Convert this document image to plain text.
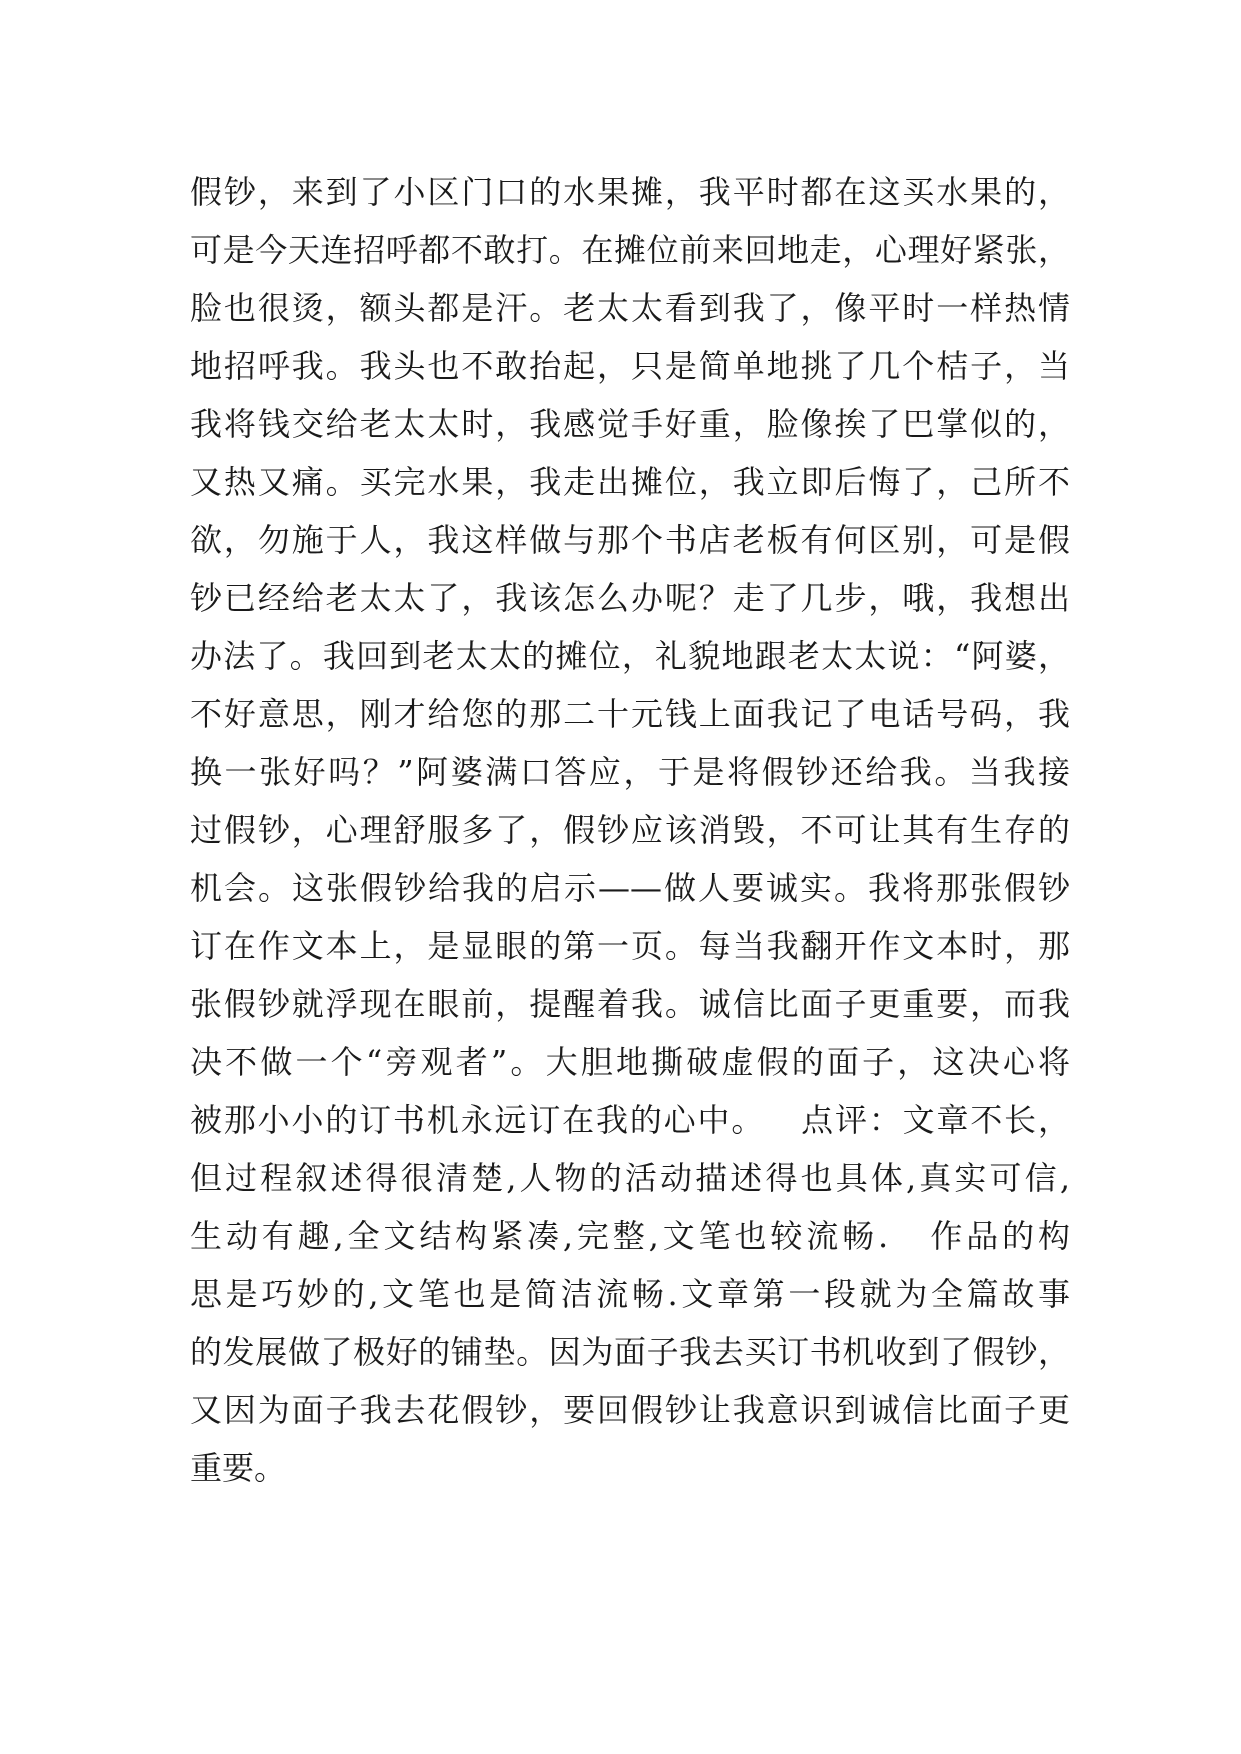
假钞，来到了小区门口的水果摊，我平时都在这买水果的，
可是今天连招呼都不敢打。在摊位前来回地走，心理好紧张，
脸也很烫，额头都是汗。老太太看到我了，像平时一样热情
地招呼我。我头也不敢抬起，只是简单地挑了几个桔子，当
我将钱交给老太太时，我感觉手好重，脸像挨了巴掌似的，
又热又痛。买完水果，我走出摊位，我立即后悔了，己所不
欲，勿施于人，我这样做与那个书店老板有何区别，可是假
钞已经给老太太了，我该怎么办呢？走了几步，哦，我想出
办法了。我回到老太太的摊位，礼貌地跟老太太说：“阿婆，
不好意思，刚才给您的那二十元钱上面我记了电话号码，我
换一张好吗？”阿婆满口答应，于是将假钞还给我。当我接
过假钞，心理舒服多了，假钞应该消毁，不可让其有生存的
机会。这张假钞给我的启示——做人要诚实。我将那张假钞
订在作文本上，是显眼的第一页。每当我翻开作文本时，那
张假钞就浮现在眼前，提醒着我。诚信比面子更重要，而我
决不做一个“旁观者”。大胆地撕破虚假的面子，这决心将
被那小小的订书机永远订在我的心中。   点评：文章不长，
但过程叙述得很清楚,人物的活动描述得也具体,真实可信,
生动有趣,全文结构紧凑,完整,文笔也较流畅.   作品的构
思是巧妙的,文笔也是简洁流畅.文章第一段就为全篇故事
的发展做了极好的铺垫。因为面子我去买订书机收到了假钞，
又因为面子我去花假钞，要回假钞让我意识到诚信比面子更
重要。
